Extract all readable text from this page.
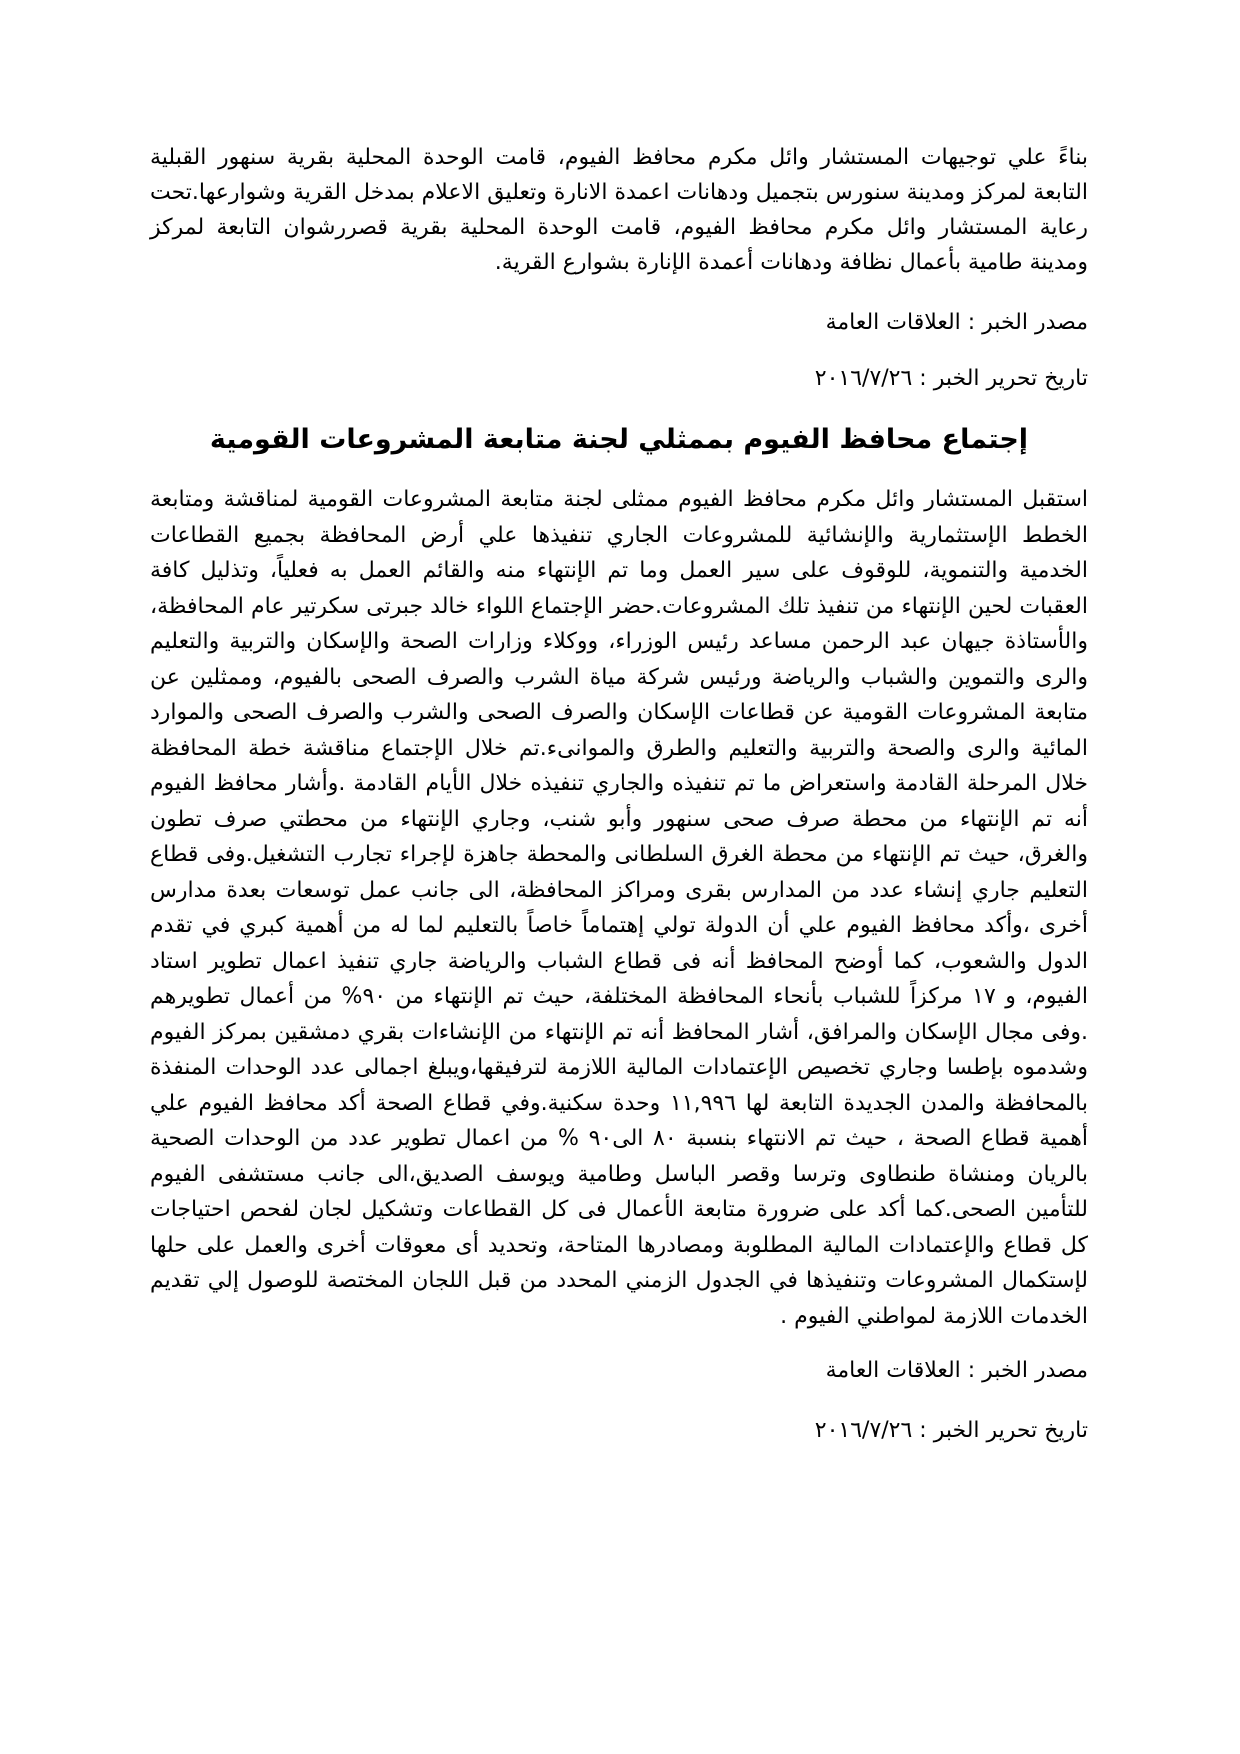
بناءً علي توجيهات المستشار وائل مكرم محافظ الفيوم، قامت الوحدة المحلية بقرية سنهور القبلية التابعة لمركز ومدينة سنورس بتجميل ودهانات اعمدة الانارة وتعليق الاعلام بمدخل القرية وشوارعها.تحت رعاية المستشار وائل مكرم محافظ الفيوم، قامت الوحدة المحلية بقرية قصررشوان التابعة لمركز ومدينة طامية بأعمال نظافة ودهانات أعمدة الإنارة بشوارع القرية.

مصدر الخبر : العلاقات العامة

تاريخ تحرير الخبر : ٢٠١٦/٧/٢٦

إجتماع محافظ الفيوم بممثلي لجنة متابعة المشروعات القومية

استقبل المستشار وائل مكرم محافظ الفيوم ممثلى لجنة متابعة المشروعات القومية لمناقشة ومتابعة الخطط الإستثمارية والإنشائية للمشروعات الجاري تنفيذها علي أرض المحافظة بجميع القطاعات الخدمية والتنموية، للوقوف على سير العمل وما تم الإنتهاء منه والقائم العمل به فعلياً، وتذليل كافة العقبات لحين الإنتهاء من تنفيذ تلك المشروعات.حضر الإجتماع اللواء خالد جبرتى سكرتير عام المحافظة، والأستاذة جيهان عبد الرحمن مساعد رئيس الوزراء، ووكلاء وزارات الصحة والإسكان والتربية والتعليم والرى والتموين والشباب والرياضة ورئيس شركة مياة الشرب والصرف الصحى بالفيوم، وممثلين عن متابعة المشروعات القومية عن قطاعات الإسكان والصرف الصحى والشرب والصرف الصحى والموارد المائية والرى والصحة والتربية والتعليم والطرق والموانىء.تم خلال الإجتماع مناقشة خطة المحافظة خلال المرحلة القادمة واستعراض ما تم تنفيذه والجاري تنفيذه خلال الأيام القادمة .وأشار محافظ الفيوم أنه تم الإنتهاء من محطة صرف صحى سنهور وأبو شنب، وجاري الإنتهاء من محطتي صرف تطون والغرق، حيث تم الإنتهاء من محطة الغرق السلطانى والمحطة جاهزة لإجراء تجارب التشغيل.وفى قطاع التعليم جاري إنشاء عدد من المدارس بقرى ومراكز المحافظة، الى جانب عمل توسعات بعدة مدارس أخرى ،وأكد محافظ الفيوم علي أن الدولة تولي إهتماماً خاصاً بالتعليم لما له من أهمية كبري في تقدم الدول والشعوب، كما أوضح المحافظ أنه فى قطاع الشباب والرياضة جاري تنفيذ اعمال تطوير استاد الفيوم، و ١٧ مركزاً للشباب بأنحاء المحافظة المختلفة، حيث تم الإنتهاء من ٩٠% من أعمال تطويرهم .وفى مجال الإسكان والمرافق، أشار المحافظ أنه تم الإنتهاء من الإنشاءات بقري دمشقين بمركز الفيوم وشدموه بإطسا وجاري تخصيص الإعتمادات المالية اللازمة لترفيقها،ويبلغ اجمالى عدد الوحدات المنفذة بالمحافظة والمدن الجديدة التابعة لها ١١,٩٩٦ وحدة سكنية.وفي قطاع الصحة أكد محافظ الفيوم علي أهمية قطاع الصحة ، حيث تم الانتهاء بنسبة ٨٠ الى٩٠ % من اعمال تطوير عدد من الوحدات الصحية بالريان ومنشاة طنطاوى وترسا وقصر الباسل وطامية ويوسف الصديق،الى جانب مستشفى الفيوم للتأمين الصحى.كما أكد على ضرورة متابعة الأعمال فى كل القطاعات وتشكيل لجان لفحص احتياجات كل قطاع والإعتمادات المالية المطلوبة ومصادرها المتاحة، وتحديد أى معوقات أخرى والعمل على حلها لإستكمال المشروعات وتنفيذها في الجدول الزمني المحدد من قبل اللجان المختصة للوصول إلي تقديم الخدمات اللازمة لمواطني الفيوم .

مصدر الخبر : العلاقات العامة

تاريخ تحرير الخبر : ٢٠١٦/٧/٢٦
